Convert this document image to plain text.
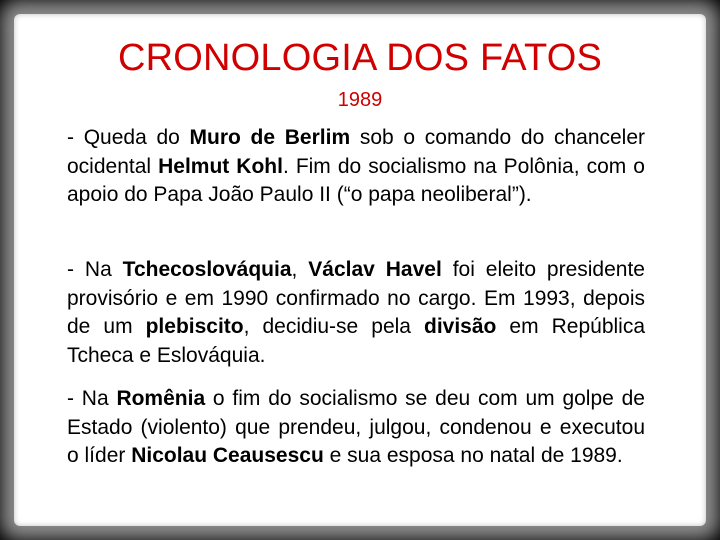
CRONOLOGIA DOS FATOS
1989
- Queda do Muro de Berlim sob o comando do chanceler ocidental Helmut Kohl. Fim do socialismo na Polônia, com o apoio do Papa João Paulo II (“o papa neoliberal”).
- Na Tchecoslováquia, Václav Havel foi eleito presidente provisório e em 1990 confirmado no cargo. Em 1993, depois de um plebiscito, decidiu-se pela divisão em República Tcheca e Eslováquia.
- Na Romênia o fim do socialismo se deu com um golpe de Estado (violento) que prendeu, julgou, condenou e executou o líder Nicolau Ceausescu e sua esposa no natal de 1989.
